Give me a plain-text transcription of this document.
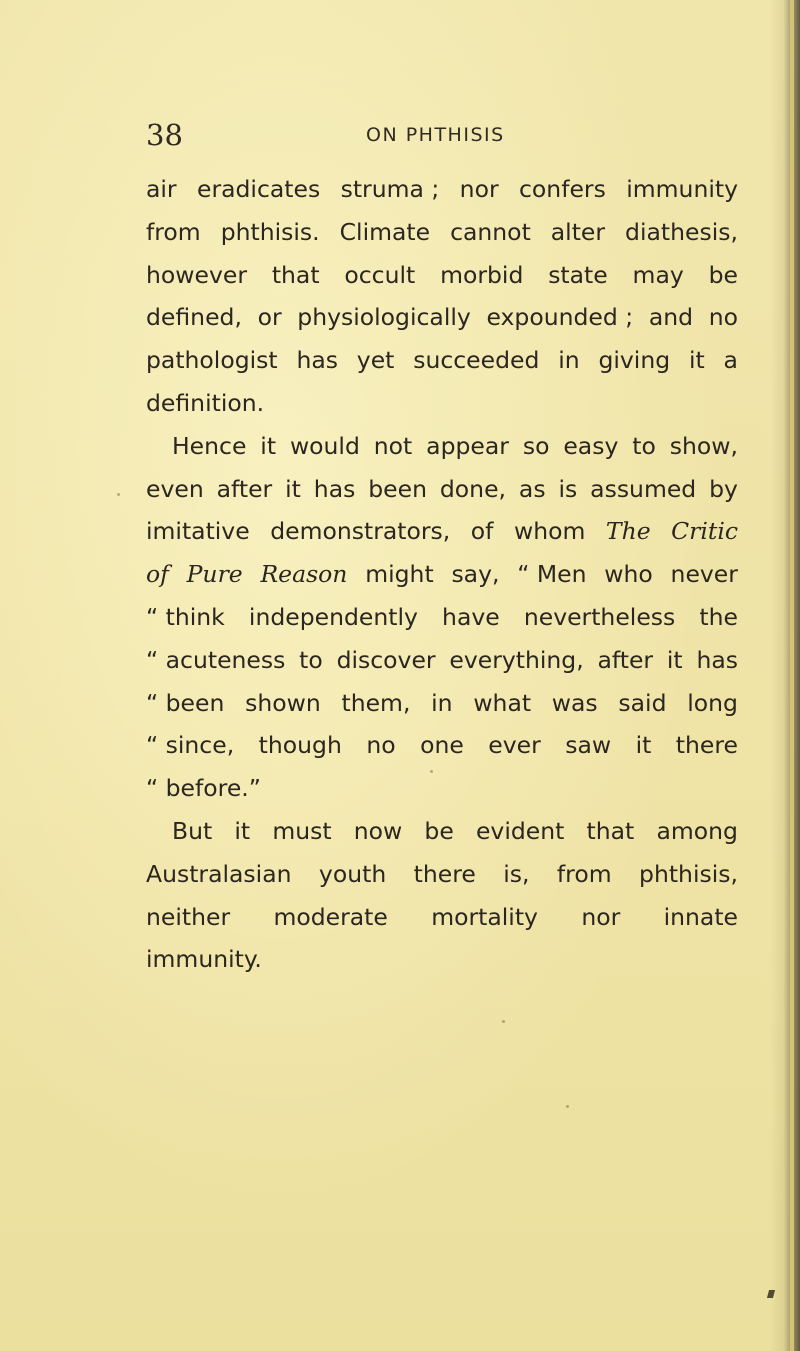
38	ON PHTHISIS
air eradicates struma ; nor confers immunity
from phthisis. Climate cannot alter diathesis,
however that occult morbid state may be
defined, or physiologically expounded ; and no
pathologist has yet succeeded in giving it a
definition.
Hence it would not appear so easy to show,
even after it has been done, as is assumed by
imitative demonstrators, of whom The Critic
of Pure Reason might say, “ Men who never
“ think independently have nevertheless the
“ acuteness to discover everything, after it has
“ been shown them, in what was said long
“ since, though no one ever saw it there
“ before.”
But it must now be evident that among
Australasian youth there is, from phthisis,
neither moderate mortality nor innate
immunity.
